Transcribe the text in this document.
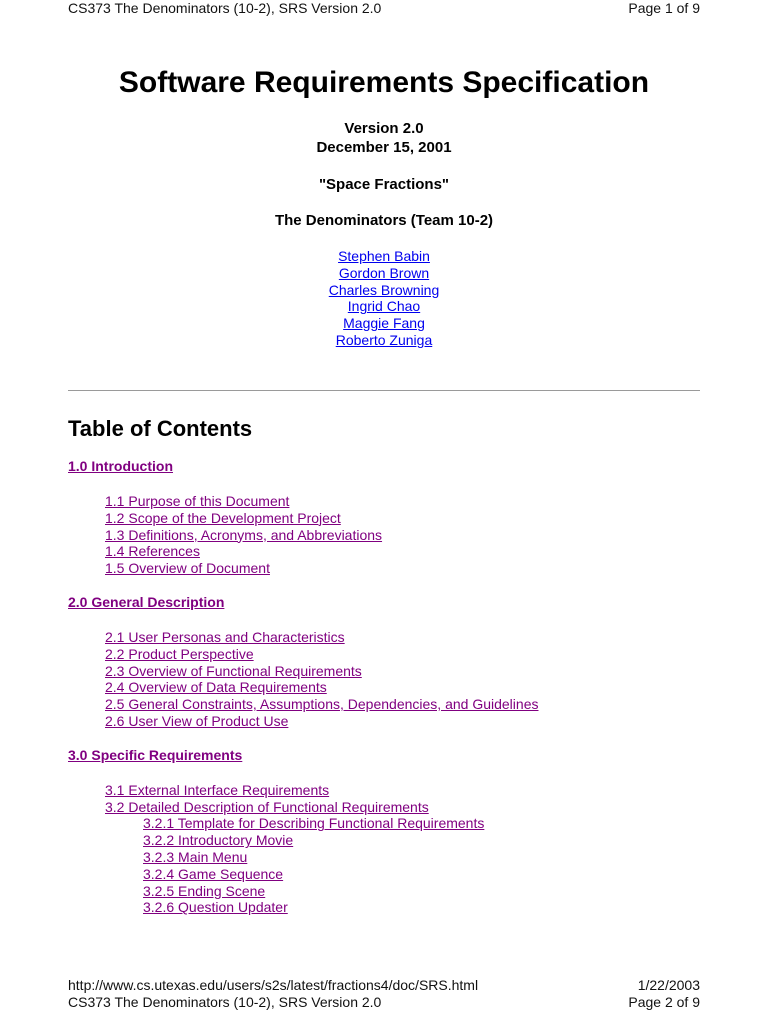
CS373 The Denominators (10-2), SRS Version 2.0	Page 1 of 9
Software Requirements Specification
Version 2.0
December 15, 2001
"Space Fractions"
The Denominators (Team 10-2)
Stephen Babin
Gordon Brown
Charles Browning
Ingrid Chao
Maggie Fang
Roberto Zuniga
Table of Contents
1.0 Introduction
1.1 Purpose of this Document
1.2 Scope of the Development Project
1.3 Definitions, Acronyms, and Abbreviations
1.4 References
1.5 Overview of Document
2.0 General Description
2.1 User Personas and Characteristics
2.2 Product Perspective
2.3 Overview of Functional Requirements
2.4 Overview of Data Requirements
2.5 General Constraints, Assumptions, Dependencies, and Guidelines
2.6 User View of Product Use
3.0 Specific Requirements
3.1 External Interface Requirements
3.2 Detailed Description of Functional Requirements
3.2.1 Template for Describing Functional Requirements
3.2.2 Introductory Movie
3.2.3 Main Menu
3.2.4 Game Sequence
3.2.5 Ending Scene
3.2.6 Question Updater
http://www.cs.utexas.edu/users/s2s/latest/fractions4/doc/SRS.html	1/22/2003
CS373 The Denominators (10-2), SRS Version 2.0	Page 2 of 9
